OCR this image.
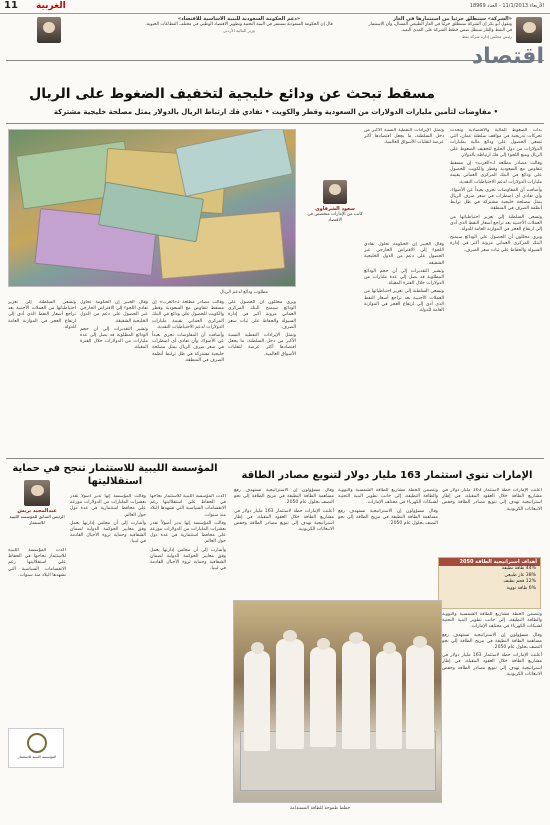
الأربعاء 11/1/2013 - العدد 18969
الغربية
11
«الشركة» ستنطلق جزئياً من استثمارها في الغاز
وتقول أبو بكر إن الشركة ستنطلق جزئيا في الغاز الطبيعي المسال، وأن الاستثمار في النفط والغاز سيظل ضمن خطط الشركة على المدى البعيد.
رئيس مجلس إدارة شركة نفط
«دعم الحكومة السعودية للبنية الأساسية للاقتصاد»
قال إن الحكومة السعودية تستثمر في البنية التحتية وتطوير الاقتصاد الوطني في مختلف القطاعات الحيوية.
وزير المالية الأردني
اقتصاد
مسقط تبحث عن ودائع خليجية لتخفيف الضغوط على الريال
• مفاوضات لتأمين مليارات الدولارات من السعودية وقطر والكويت • تفادي فك ارتباط الريال بالدولار يمثل مصلحة خليجية مشتركة

بدأت الضغوط المالية والاقتصادية وتحدث تحركات تدريجية في مواقف سلطنة عمان، التي تسعى الحصول على ودائع مالية بمليارات الدولارات من دول الخليج لتخفيف الضغوط على الريال ومنع اللجوء إلى فك ارتباطه بالدولار.

وقالت مصادر مطلعة لـ«العرب» إن مسقط تتفاوض مع السعودية وقطر والكويت للحصول على ودائع في البنك المركزي العماني بقيمة مليارات الدولارات لدعم الاحتياطيات النقدية.

وأضافت أن المفاوضات تجري بعيداً عن الأضواء، وأن تفادي أي اضطراب في سعر صرف الريال يمثل مصلحة خليجية مشتركة في ظل ترابط أنظمة الصرف في المنطقة.

وتسعى السلطنة إلى تعزيز احتياطياتها من العملات الأجنبية بعد تراجع أسعار النفط الذي أدى إلى ارتفاع العجز في الموازنة العامة للدولة.

ويرى محللون أن الحصول على الودائع سيمنح البنك المركزي العماني مرونة أكبر في إدارة السيولة والحفاظ على ثبات سعر الصرف.

وتمثل الإيرادات النفطية النسبة الأكبر من دخل السلطنة، ما يجعل اقتصادها أكثر عرضة لتقلبات الأسواق العالمية.

سعود الشرقاوي
كاتب من الإمارات متخصص في الاقتصاد

وقال الخبير إن الحكومة تحاول تفادي اللجوء إلى الاقتراض الخارجي عبر الحصول على دعم من الدول الخليجية الشقيقة.

وتشير التقديرات إلى أن حجم الودائع المطلوبة قد يصل إلى عدة مليارات من الدولارات خلال الفترة المقبلة.

وتسعى السلطنة إلى تعزيز احتياطياتها من العملات الأجنبية بعد تراجع أسعار النفط الذي أدى إلى ارتفاع العجز في الموازنة العامة للدولة.

مطلوب ودائع لدعم الريال

ويرى محللون أن الحصول على الودائع سيمنح البنك المركزي العماني مرونة أكبر في إدارة السيولة والحفاظ على ثبات سعر الصرف.

وتمثل الإيرادات النفطية النسبة الأكبر من دخل السلطنة، ما يجعل اقتصادها أكثر عرضة لتقلبات الأسواق العالمية.

وقالت مصادر مطلعة لـ«العرب» إن مسقط تتفاوض مع السعودية وقطر والكويت للحصول على ودائع في البنك المركزي العماني بقيمة مليارات الدولارات لدعم الاحتياطيات النقدية.

وأضافت أن المفاوضات تجري بعيداً عن الأضواء، وأن تفادي أي اضطراب في سعر صرف الريال يمثل مصلحة خليجية مشتركة في ظل ترابط أنظمة الصرف في المنطقة.

وقال الخبير إن الحكومة تحاول تفادي اللجوء إلى الاقتراض الخارجي عبر الحصول على دعم من الدول الخليجية الشقيقة.

وتشير التقديرات إلى أن حجم الودائع المطلوبة قد يصل إلى عدة مليارات من الدولارات خلال الفترة المقبلة.

وتسعى السلطنة إلى تعزيز احتياطياتها من العملات الأجنبية بعد تراجع أسعار النفط الذي أدى إلى ارتفاع العجز في الموازنة العامة للدولة.

المؤسسة الليبية للاستثمار تنجح في حماية استقلاليتها
عبدالمجيد بريش
الرئيس السابق للمؤسسة الليبية للاستثمار

أكدت المؤسسة الليبية للاستثمار نجاحها في الحفاظ على استقلاليتها رغم الانقسامات السياسية التي تشهدها البلاد منذ سنوات.

وقالت المؤسسة إنها تدير أصولاً تقدر بعشرات المليارات من الدولارات موزعة على محافظ استثمارية في عدة دول حول العالم.

وأشارت إلى أن مجلس إدارتها يعمل وفق معايير الحوكمة الدولية لضمان الشفافية وحماية ثروة الأجيال القادمة في ليبيا.

وقالت المؤسسة إنها تدير أصولاً تقدر بعشرات المليارات من الدولارات موزعة على محافظ استثمارية في عدة دول حول العالم.

وأشارت إلى أن مجلس إدارتها يعمل وفق معايير الحوكمة الدولية لضمان الشفافية وحماية ثروة الأجيال القادمة في ليبيا.

أكدت المؤسسة الليبية للاستثمار نجاحها في الحفاظ على استقلاليتها رغم الانقسامات السياسية التي تشهدها البلاد منذ سنوات.

المؤسسة الليبية للاستثمار
الإمارات تنوي استثمار 163 مليار دولار لتنويع مصادر الطاقة

أعلنت الإمارات خطة لاستثمار 163 مليار دولار في مشاريع الطاقة خلال العقود المقبلة، في إطار استراتيجية تهدف إلى تنويع مصادر الطاقة وخفض الانبعاثات الكربونية.

وتتضمن الخطة مشاريع للطاقة الشمسية والنووية والطاقة النظيفة، إلى جانب تطوير البنية التحتية لشبكات الكهرباء في مختلف الإمارات.

وقال مسؤولون إن الاستراتيجية تستهدف رفع مساهمة الطاقة النظيفة في مزيج الطاقة إلى نحو النصف بحلول عام 2050.

وقال مسؤولون إن الاستراتيجية تستهدف رفع مساهمة الطاقة النظيفة في مزيج الطاقة إلى نحو النصف بحلول عام 2050.

أعلنت الإمارات خطة لاستثمار 163 مليار دولار في مشاريع الطاقة خلال العقود المقبلة، في إطار استراتيجية تهدف إلى تنويع مصادر الطاقة وخفض الانبعاثات الكربونية.

أهداف استراتيجية الطاقة 2050
44% طاقة نظيفة
38% غاز طبيعي
12% فحم نظيف
6% طاقة نووية

وتتضمن الخطة مشاريع للطاقة الشمسية والنووية والطاقة النظيفة، إلى جانب تطوير البنية التحتية لشبكات الكهرباء في مختلف الإمارات.

وقال مسؤولون إن الاستراتيجية تستهدف رفع مساهمة الطاقة النظيفة في مزيج الطاقة إلى نحو النصف بحلول عام 2050.

أعلنت الإمارات خطة لاستثمار 163 مليار دولار في مشاريع الطاقة خلال العقود المقبلة، في إطار استراتيجية تهدف إلى تنويع مصادر الطاقة وخفض الانبعاثات الكربونية.

خطط طموحة للطاقة المستدامة
